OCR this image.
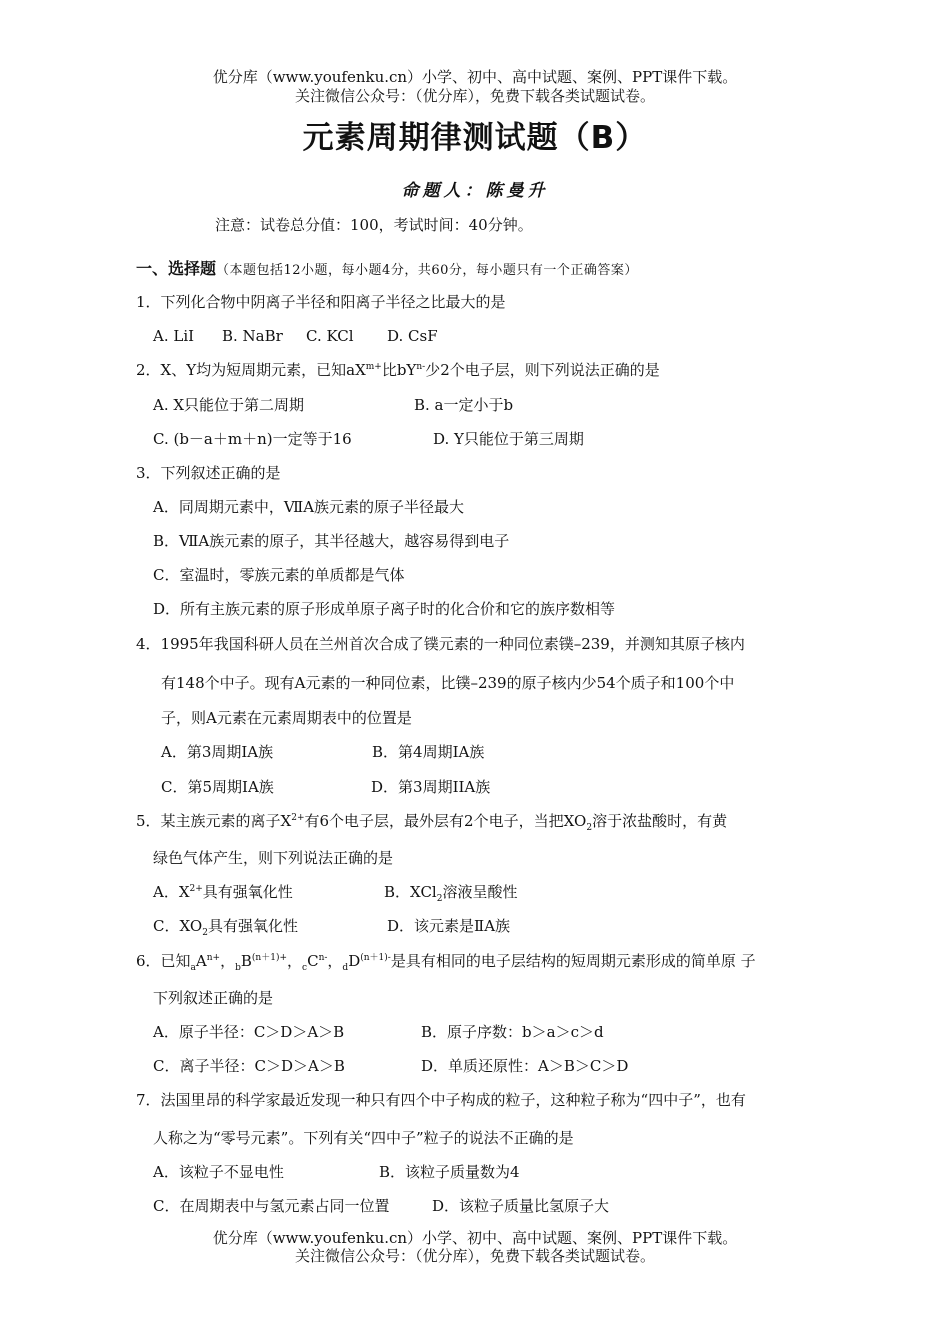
优分库（www.youfenku.cn）小学、初中、高中试题、案例、PPT课件下载。
关注微信公众号：（优分库），免费下载各类试题试卷。
元素周期律测试题（B）
命题人：陈曼升
注意：试卷总分值：100，考试时间：40分钟。
一、选择题（本题包括12小题，每小题4分，共60分，每小题只有一个正确答案）
1．下列化合物中阴离子半径和阳离子半径之比最大的是
A. LiI B. NaBr C. KCl D. CsF
2．X、Y均为短周期元素，已知$aX^{m+}$比$bY^{n-}$少2个电子层，则下列说法正确的是
A. X只能位于第二周期	B. a一定小于b
C. (b－a＋m＋n)一定等于16	D. Y只能位于第三周期
3．下列叙述正确的是
A．同周期元素中，ⅦA族元素的原子半径最大
B．ⅦA族元素的原子，其半径越大，越容易得到电子
C．室温时，零族元素的单质都是气体
D．所有主族元素的原子形成单原子离子时的化合价和它的族序数相等
4．1995年我国科研人员在兰州首次合成了镤元素的一种同位素镤–239，并测知其原子核内
有148个中子。现有A元素的一种同位素，比镤–239的原子核内少54个质子和100个中
子，则A元素在元素周期表中的位置是
A．第3周期IA族	B．第4周期IA族
C．第5周期IA族	D．第3周期IIA族
5．某主族元素的离子$X^{2+}$有6个电子层，最外层有2个电子，当把$XO_2$溶于浓盐酸时，有黄
绿色气体产生，则下列说法正确的是
A．$X^{2+}$具有强氧化性	B．XCl$_2$溶液呈酸性
C．$XO_2$具有强氧化性	D．该元素是ⅡA族
6．已知$_aA^{n+}$，$_bB^{(n+1)+}$，$_cC^{n-}$，$_dD^{(n+1)-}$是具有相同的电子层结构的短周期元素形成的简单原 子
下列叙述正确的是
A．原子半径：C＞D＞A＞B	B．原子序数：b＞a＞c＞d
C．离子半径：C＞D＞A＞B	D．单质还原性：A＞B＞C＞D
7．法国里昂的科学家最近发现一种只有四个中子构成的粒子，这种粒子称为“四中子”，也有
人称之为“零号元素”。下列有关“四中子”粒子的说法不正确的是
A．该粒子不显电性	B．该粒子质量数为4
C．在周期表中与氢元素占同一位置	D．该粒子质量比氢原子大
优分库（www.youfenku.cn）小学、初中、高中试题、案例、PPT课件下载。
关注微信公众号：（优分库），免费下载各类试题试卷。
